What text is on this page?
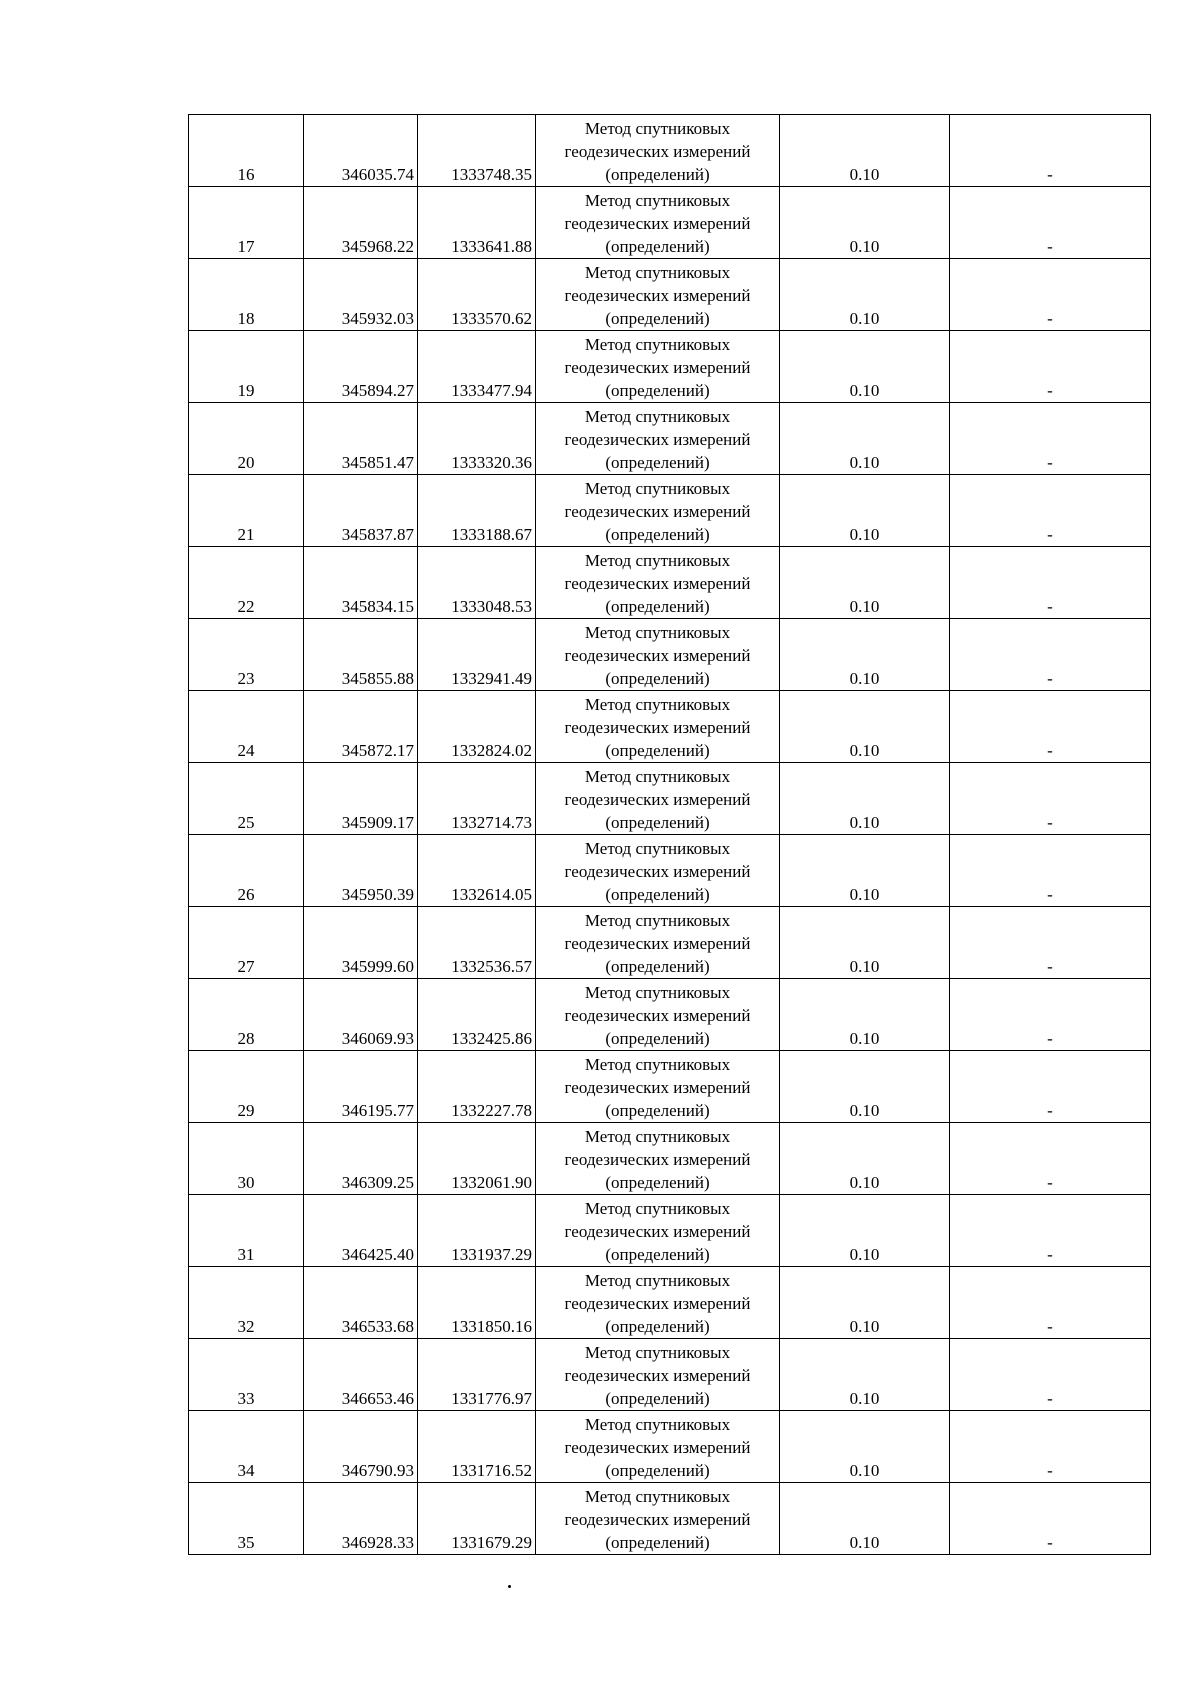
16	346035.74	1333748.35	Метод спутниковых геодезических измерений (определений)	0.10	-
17	345968.22	1333641.88	Метод спутниковых геодезических измерений (определений)	0.10	-
18	345932.03	1333570.62	Метод спутниковых геодезических измерений (определений)	0.10	-
19	345894.27	1333477.94	Метод спутниковых геодезических измерений (определений)	0.10	-
20	345851.47	1333320.36	Метод спутниковых геодезических измерений (определений)	0.10	-
21	345837.87	1333188.67	Метод спутниковых геодезических измерений (определений)	0.10	-
22	345834.15	1333048.53	Метод спутниковых геодезических измерений (определений)	0.10	-
23	345855.88	1332941.49	Метод спутниковых геодезических измерений (определений)	0.10	-
24	345872.17	1332824.02	Метод спутниковых геодезических измерений (определений)	0.10	-
25	345909.17	1332714.73	Метод спутниковых геодезических измерений (определений)	0.10	-
26	345950.39	1332614.05	Метод спутниковых геодезических измерений (определений)	0.10	-
27	345999.60	1332536.57	Метод спутниковых геодезических измерений (определений)	0.10	-
28	346069.93	1332425.86	Метод спутниковых геодезических измерений (определений)	0.10	-
29	346195.77	1332227.78	Метод спутниковых геодезических измерений (определений)	0.10	-
30	346309.25	1332061.90	Метод спутниковых геодезических измерений (определений)	0.10	-
31	346425.40	1331937.29	Метод спутниковых геодезических измерений (определений)	0.10	-
32	346533.68	1331850.16	Метод спутниковых геодезических измерений (определений)	0.10	-
33	346653.46	1331776.97	Метод спутниковых геодезических измерений (определений)	0.10	-
34	346790.93	1331716.52	Метод спутниковых геодезических измерений (определений)	0.10	-
35	346928.33	1331679.29	Метод спутниковых геодезических измерений (определений)	0.10	-
